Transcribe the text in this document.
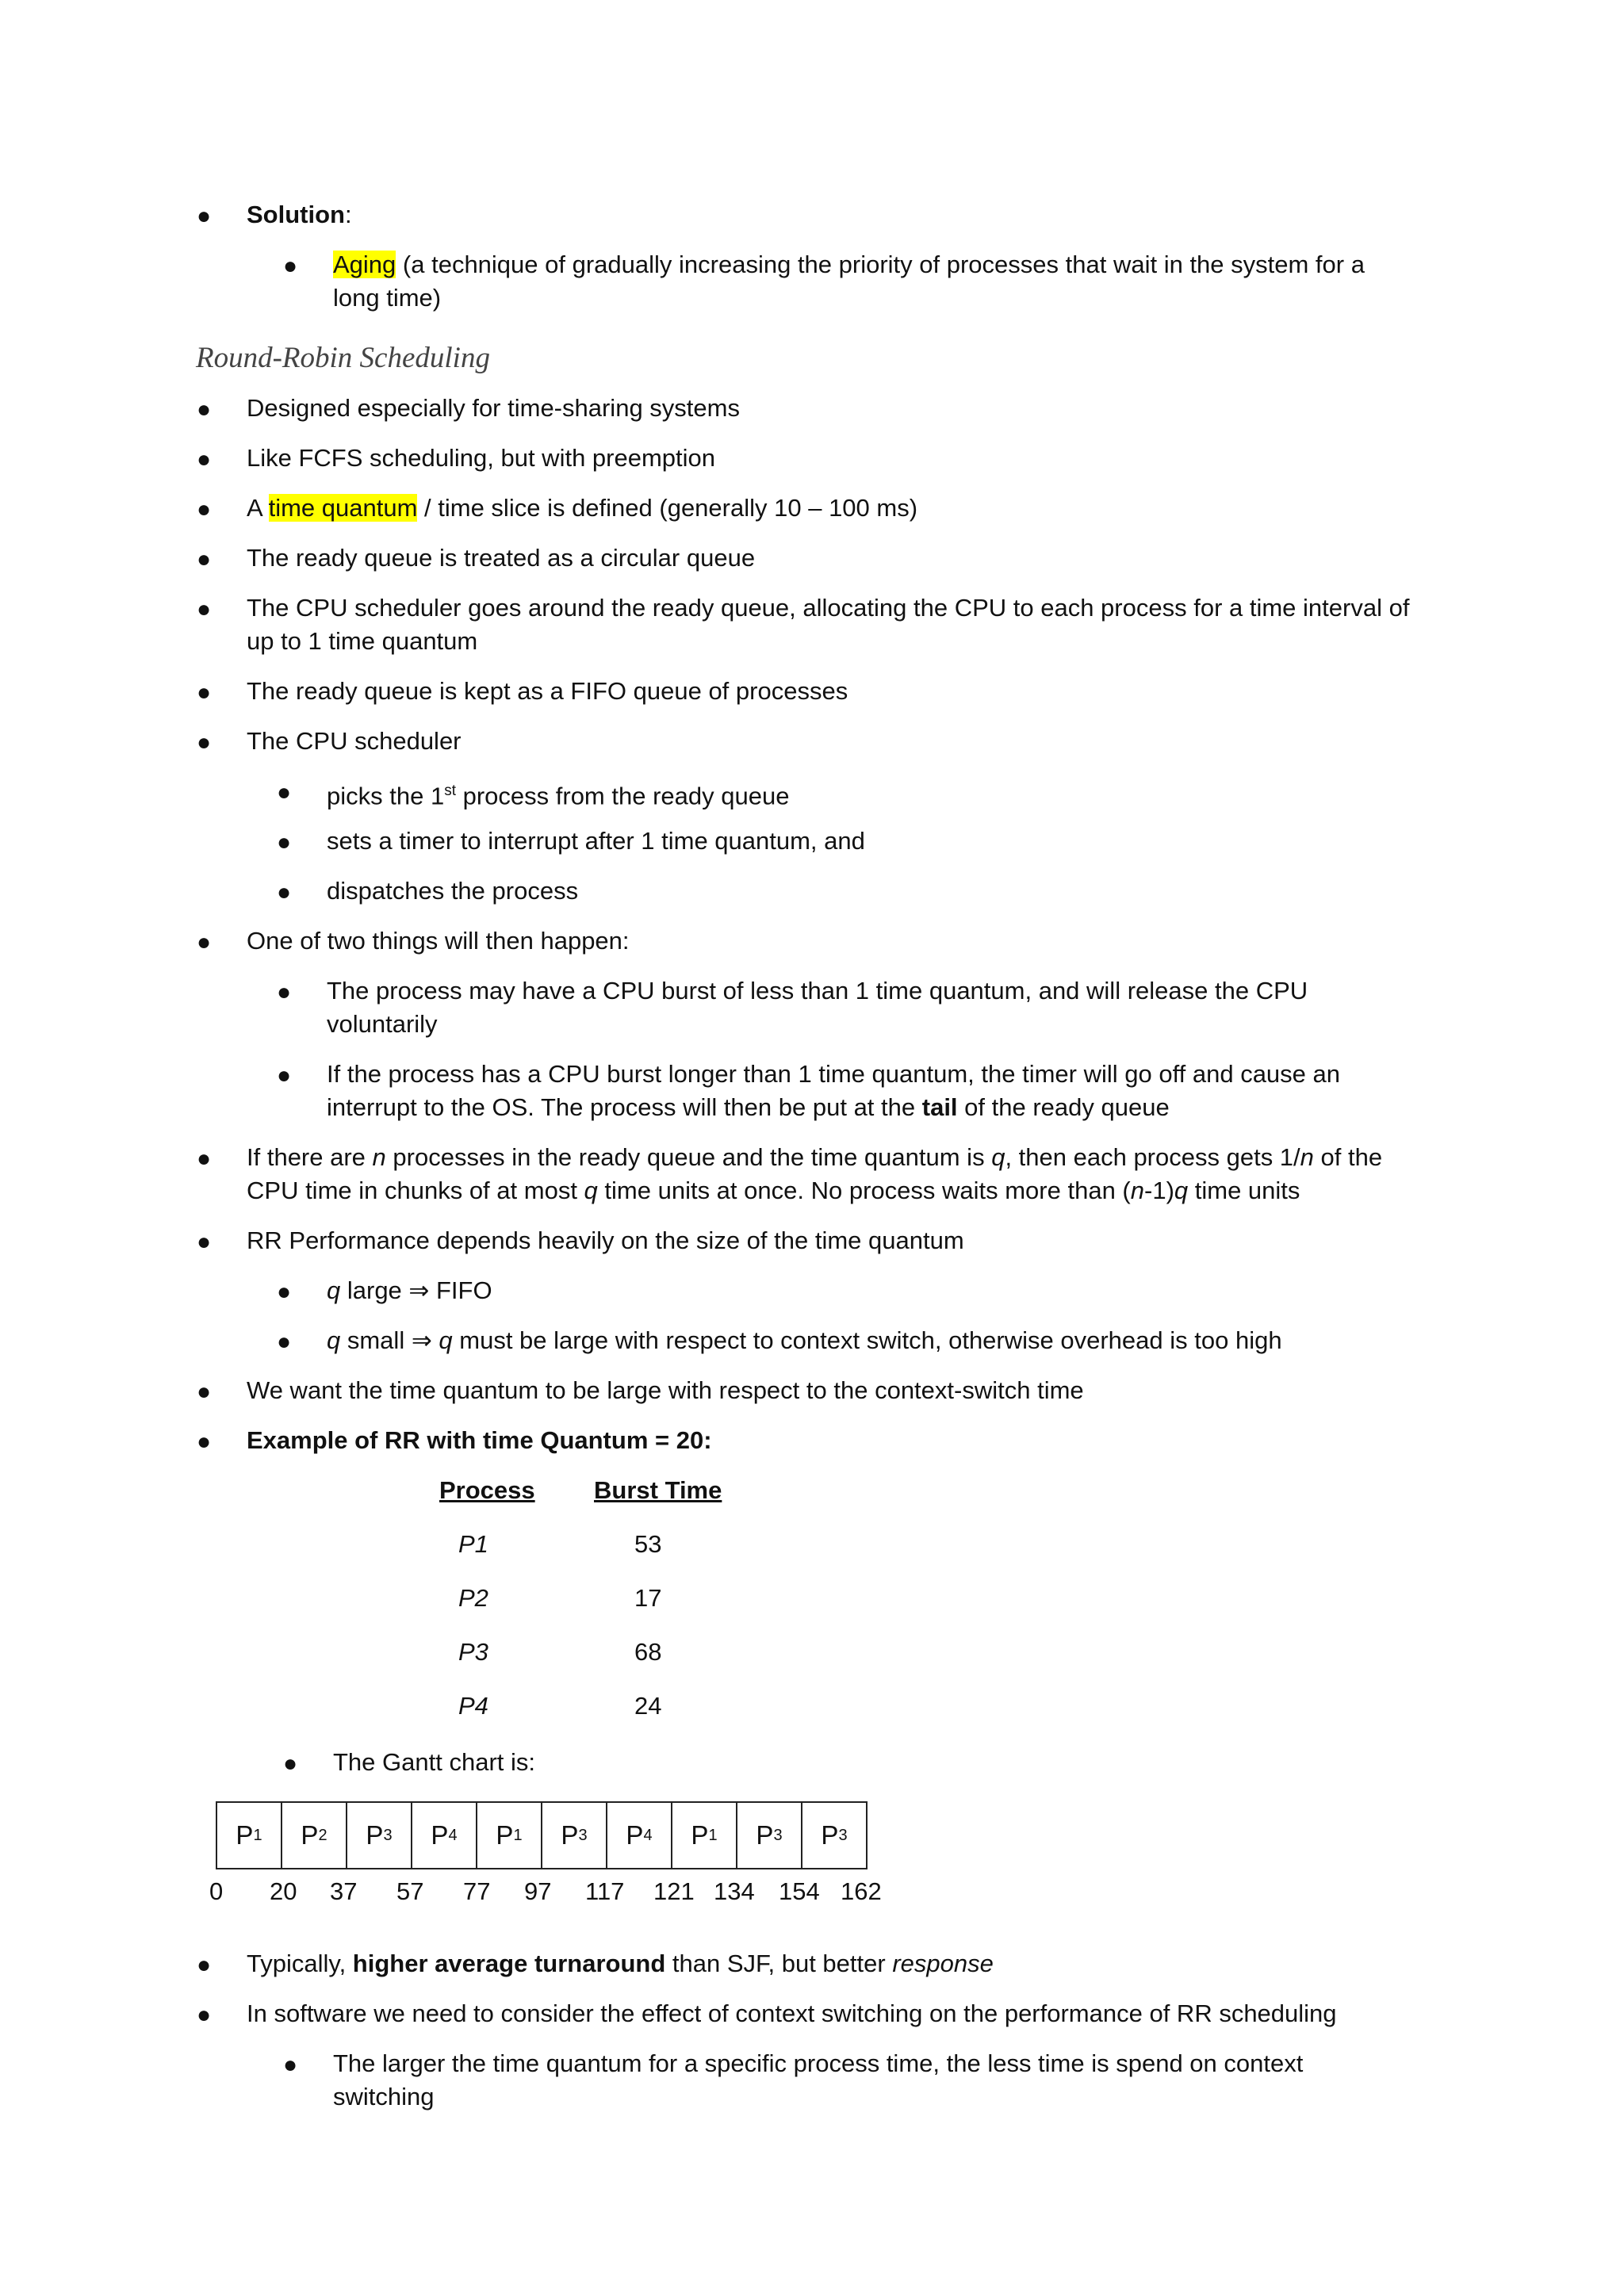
● Solution:
● Aging (a technique of gradually increasing the priority of processes that wait in the system for a
long time)
Round-Robin Scheduling
● Designed especially for time-sharing systems
● Like FCFS scheduling, but with preemption
● A time quantum / time slice is defined (generally 10 – 100 ms)
● The ready queue is treated as a circular queue
● The CPU scheduler goes around the ready queue, allocating the CPU to each process for a time interval of
up to 1 time quantum
● The ready queue is kept as a FIFO queue of processes
● The CPU scheduler
● picks the 1st process from the ready queue
● sets a timer to interrupt after 1 time quantum, and
● dispatches the process
● One of two things will then happen:
● The process may have a CPU burst of less than 1 time quantum, and will release the CPU
voluntarily
● If the process has a CPU burst longer than 1 time quantum, the timer will go off and cause an
interrupt to the OS. The process will then be put at the tail of the ready queue
● If there are n processes in the ready queue and the time quantum is q, then each process gets 1/n of the
CPU time in chunks of at most q time units at once. No process waits more than (n-1)q time units
● RR Performance depends heavily on the size of the time quantum
● q large ⇒ FIFO
● q small ⇒ q must be large with respect to context switch, otherwise overhead is too high
● We want the time quantum to be large with respect to the context-switch time
● Example of RR with time Quantum = 20:
Process Burst Time
P1	53
P2	17
P3	68
P4	24
● The Gantt chart is:
P 1 P 2 P 3 P 4 P 1 P 3 P 4 P 1 P 3 P 3
0 20 37 57 77 97 117 121 134 154 162
● Typically, higher average turnaround than SJF, but better response
● In software we need to consider the effect of context switching on the performance of RR scheduling
● The larger the time quantum for a specific process time, the less time is spend on context
switching
